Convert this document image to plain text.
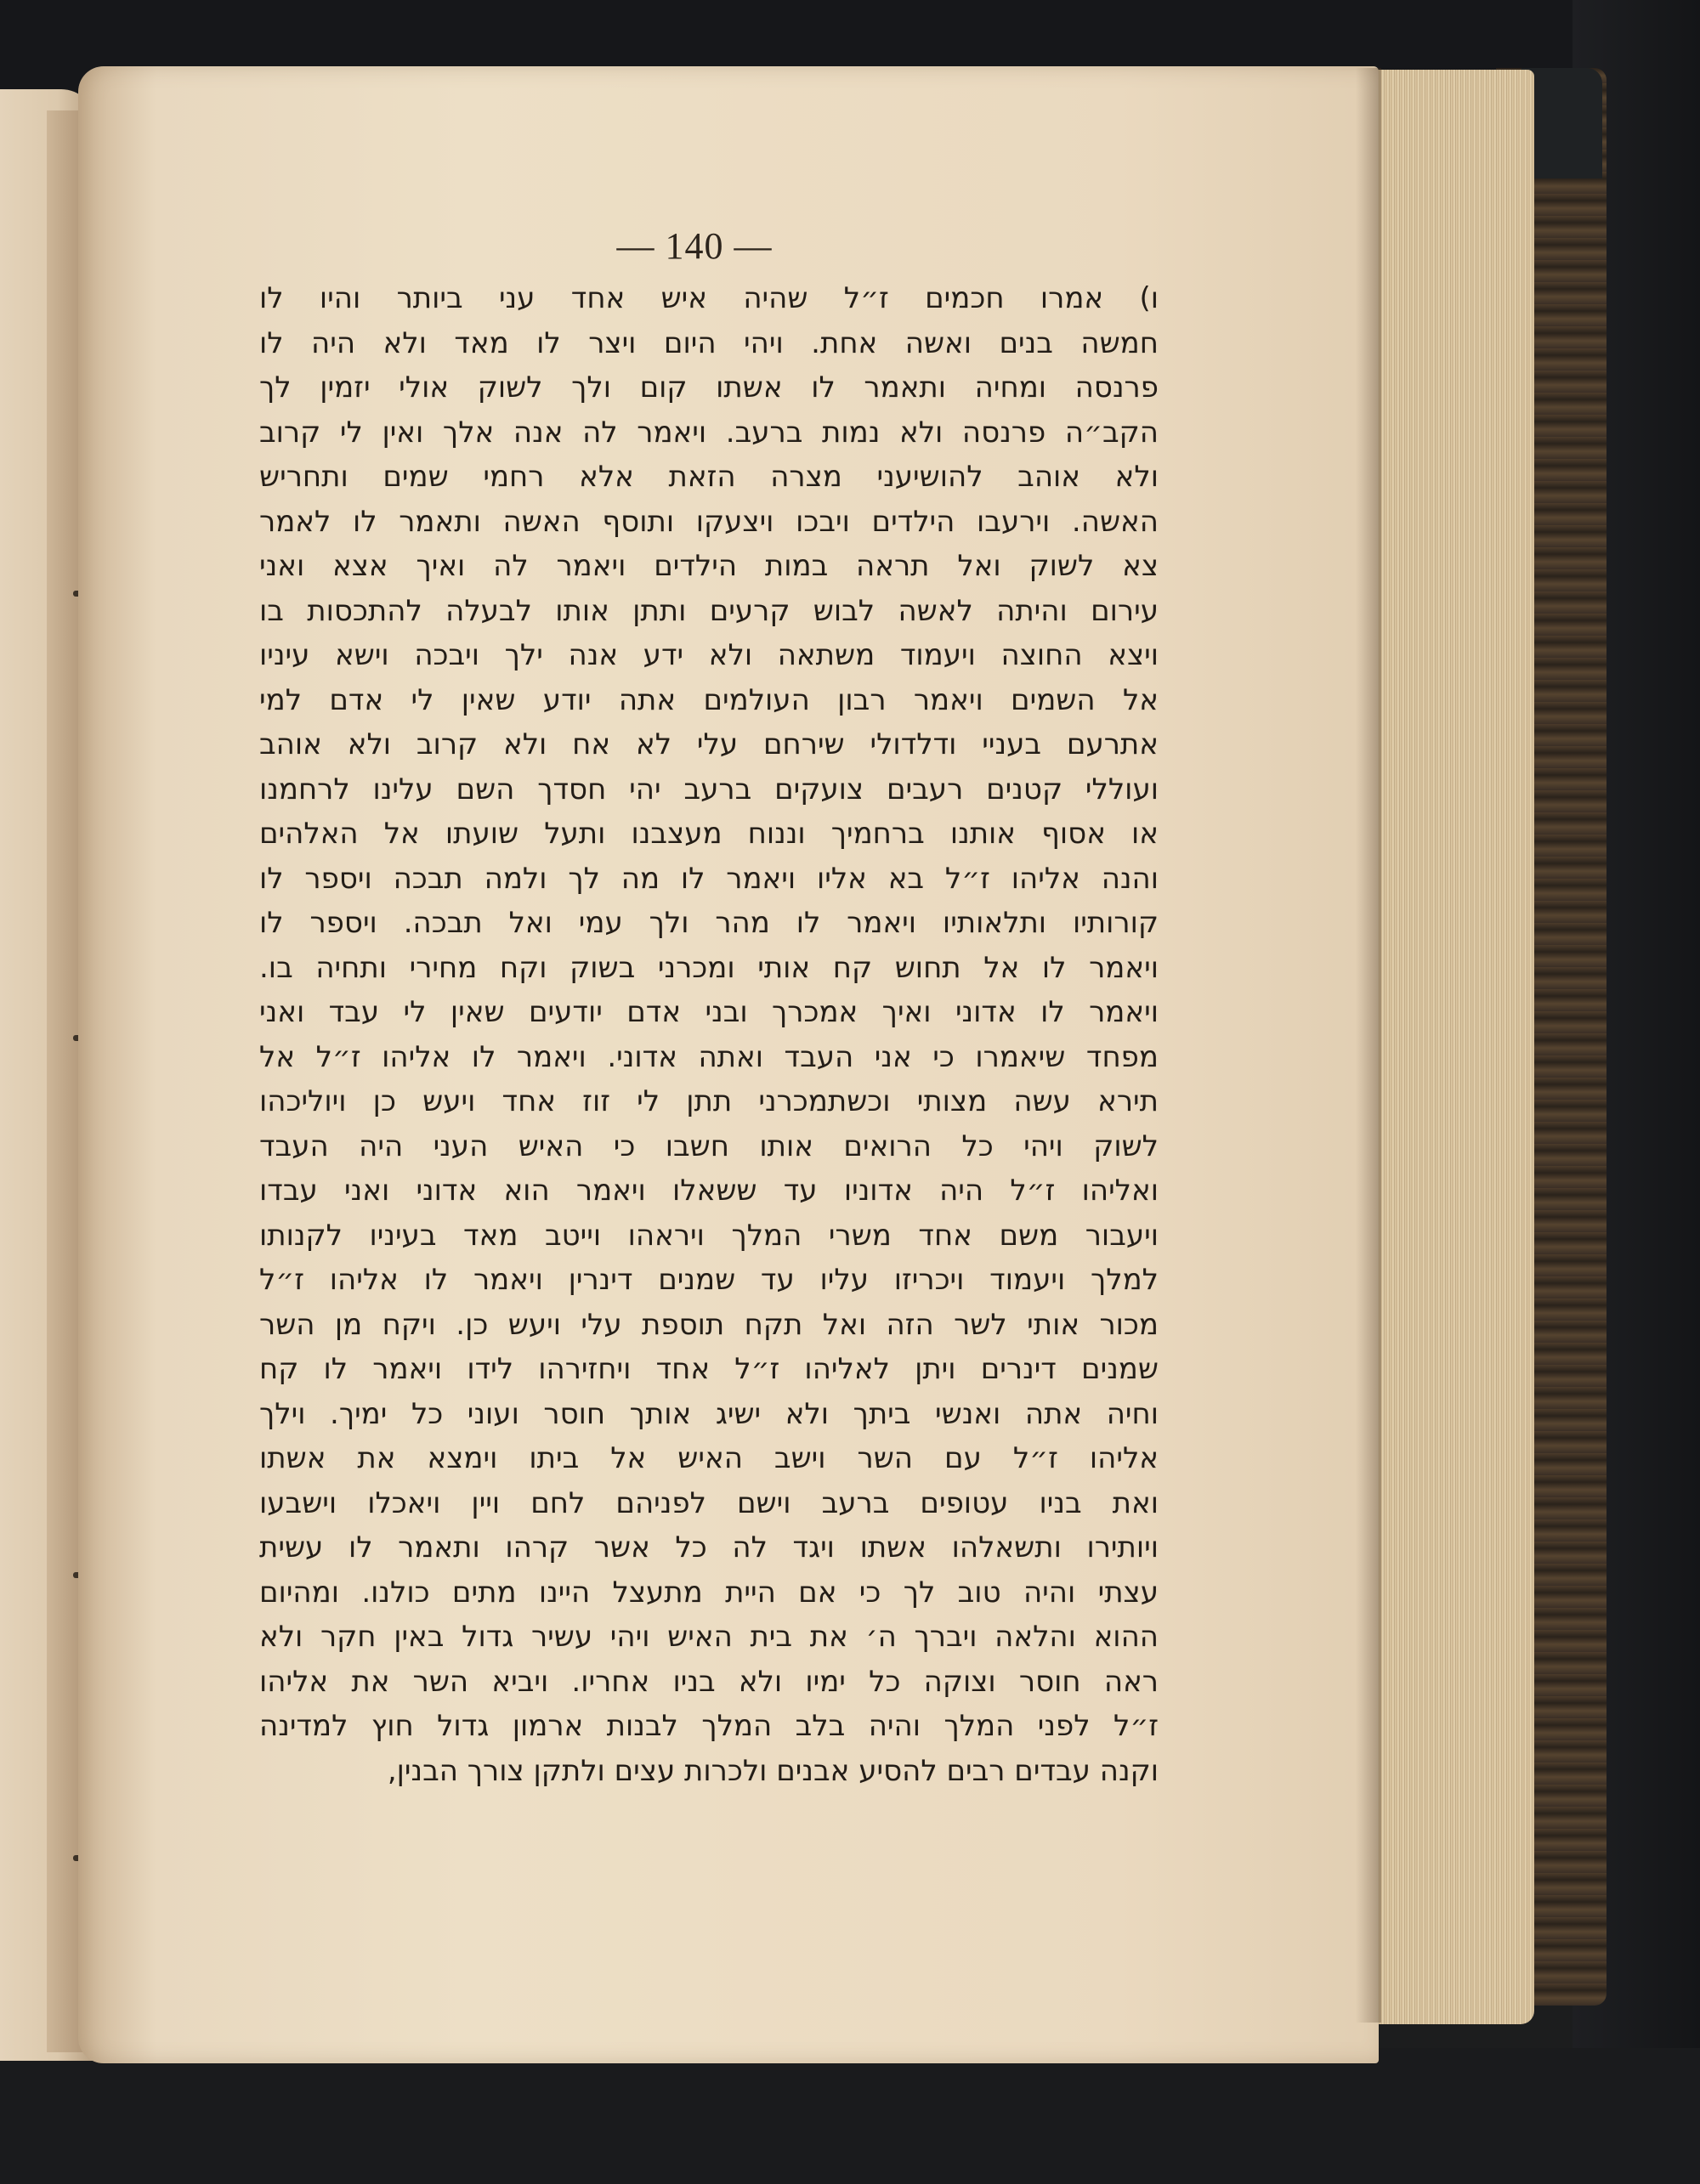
— 140 —
ו) אמרו חכמים ז״ל שהיה איש אחד עני ביותר והיו לו
חמשה בנים ואשה אחת. ויהי היום ויצר לו מאד ולא היה לו
פרנסה ומחיה ותאמר לו אשתו קום ולך לשוק אולי יזמין לך
הקב״ה פרנסה ולא נמות ברעב. ויאמר לה אנה אלך ואין לי קרוב
ולא אוהב להושיעני מצרה הזאת אלא רחמי שמים ותחריש
האשה. וירעבו הילדים ויבכו ויצעקו ותוסף האשה ותאמר לו לאמר
צא לשוק ואל תראה במות הילדים ויאמר לה ואיך אצא ואני
עירום והיתה לאשה לבוש קרעים ותתן אותו לבעלה להתכסות בו
ויצא החוצה ויעמוד משתאה ולא ידע אנה ילך ויבכה וישא עיניו
אל השמים ויאמר רבון העולמים אתה יודע שאין לי אדם למי
אתרעם בעניי ודלדולי שירחם עלי לא אח ולא קרוב ולא אוהב
ועוללי קטנים רעבים צועקים ברעב יהי חסדך השם עלינו לרחמנו
או אסוף אותנו ברחמיך וננוח מעצבנו ותעל שועתו אל האלהים
והנה אליהו ז״ל בא אליו ויאמר לו מה לך ולמה תבכה ויספר לו
קורותיו ותלאותיו ויאמר לו מהר ולך עמי ואל תבכה. ויספר לו
ויאמר לו אל תחוש קח אותי ומכרני בשוק וקח מחירי ותחיה בו.
ויאמר לו אדוני ואיך אמכרך ובני אדם יודעים שאין לי עבד ואני
מפחד שיאמרו כי אני העבד ואתה אדוני. ויאמר לו אליהו ז״ל אל
תירא עשה מצותי וכשתמכרני תתן לי זוז אחד ויעש כן ויוליכהו
לשוק ויהי כל הרואים אותו חשבו כי האיש העני היה העבד
ואליהו ז״ל היה אדוניו עד ששאלו ויאמר הוא אדוני ואני עבדו
ויעבור משם אחד משרי המלך ויראהו וייטב מאד בעיניו לקנותו
למלך ויעמוד ויכריזו עליו עד שמנים דינרין ויאמר לו אליהו ז״ל
מכור אותי לשר הזה ואל תקח תוספת עלי ויעש כן. ויקח מן השר
שמנים דינרים ויתן לאליהו ז״ל אחד ויחזירהו לידו ויאמר לו קח
וחיה אתה ואנשי ביתך ולא ישיג אותך חוסר ועוני כל ימיך. וילך
אליהו ז״ל עם השר וישב האיש אל ביתו וימצא את אשתו
ואת בניו עטופים ברעב וישם לפניהם לחם ויין ויאכלו וישבעו
ויותירו ותשאלהו אשתו ויגד לה כל אשר קרהו ותאמר לו עשית
עצתי והיה טוב לך כי אם היית מתעצל היינו מתים כולנו. ומהיום
ההוא והלאה ויברך ה׳ את בית האיש ויהי עשיר גדול באין חקר ולא
ראה חוסר וצוקה כל ימיו ולא בניו אחריו. ויביא השר את אליהו
ז״ל לפני המלך והיה בלב המלך לבנות ארמון גדול חוץ למדינה
וקנה עבדים רבים להסיע אבנים ולכרות עצים ולתקן צורך הבנין,
